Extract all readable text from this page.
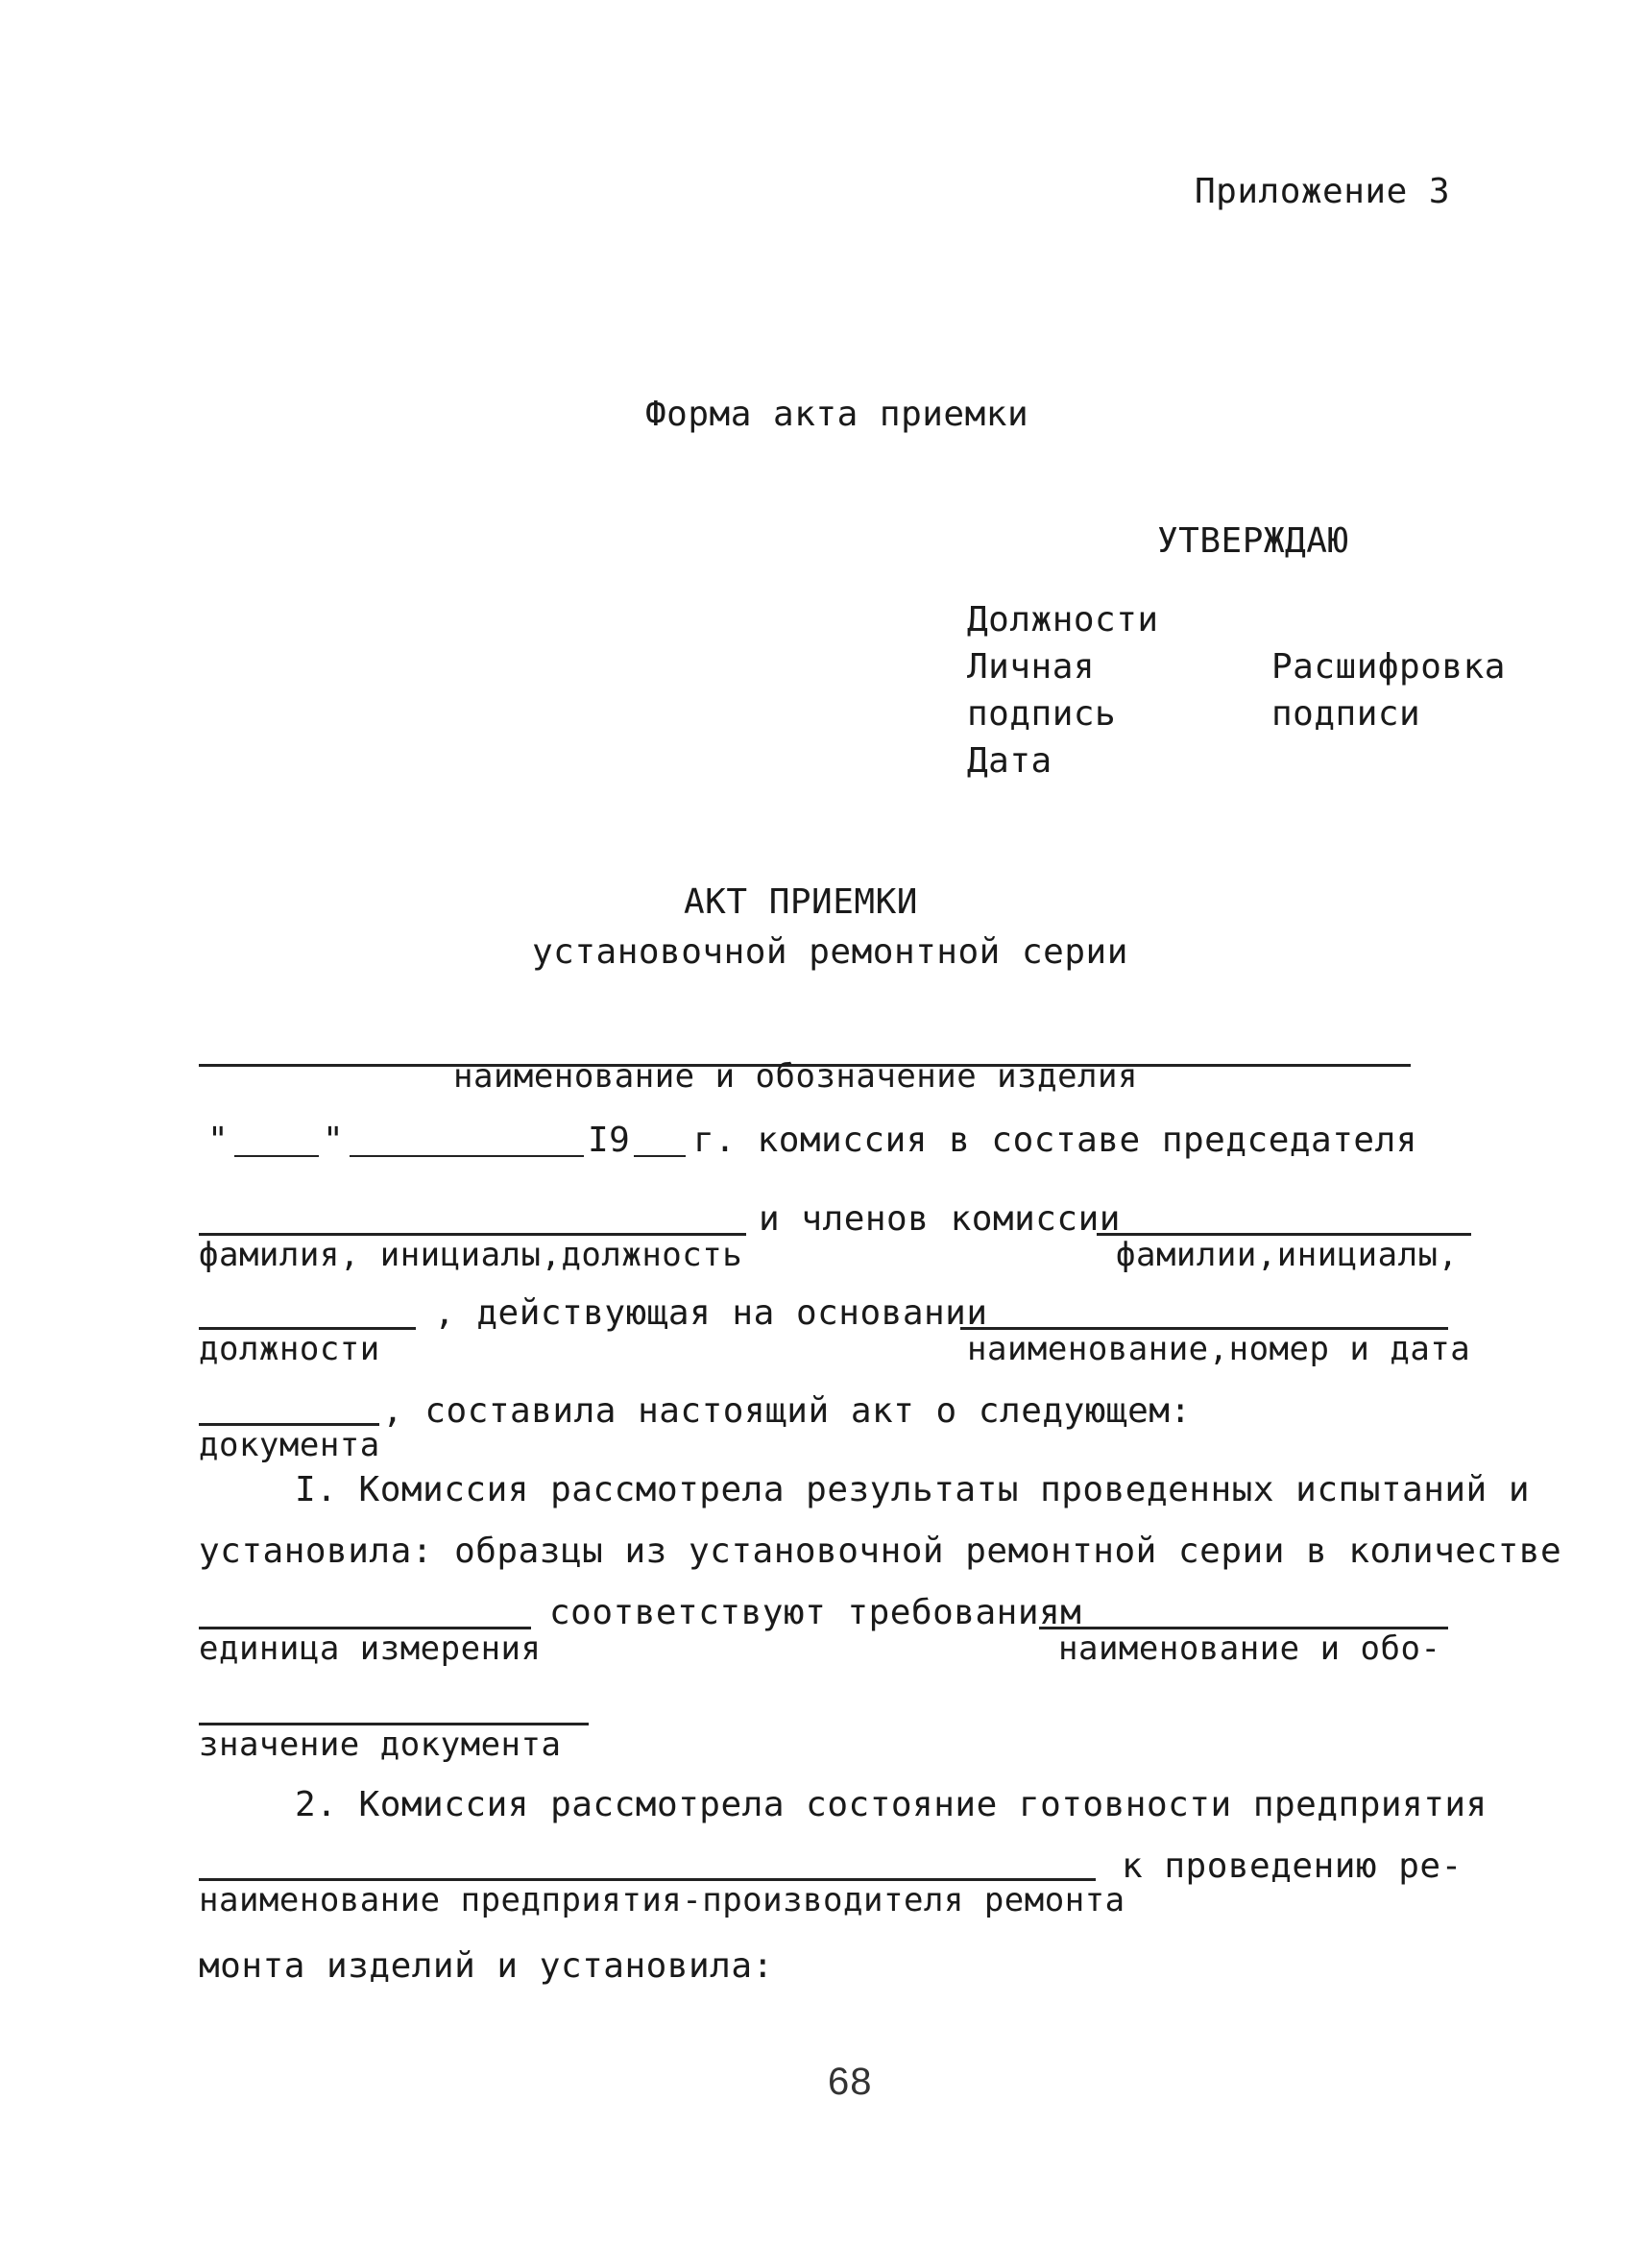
Приложение 3
Форма акта приемки
УТВЕРЖДАЮ
Должности
Личная	Расшифровка
подпись	подписи
Дата
АКТ ПРИЕМКИ
установочной ремонтной серии
наименование и обозначение изделия
"	"	I9 г. комиссия в составе председателя
и членов комиссии
фамилия, инициалы,должность	фамилии,инициалы,
, действующая на основании
должности	наименование,номер и дата
, составила настоящий акт о следующем:
документа
I. Комиссия рассмотрела результаты проведенных испытаний и
установила: образцы из установочной ремонтной серии в количестве
соответствуют требованиям
единица измерения	наименование и обо-
значение документа
2. Комиссия рассмотрела состояние готовности предприятия
к проведению ре-
наименование предприятия-производителя ремонта
монта изделий и установила:
68
